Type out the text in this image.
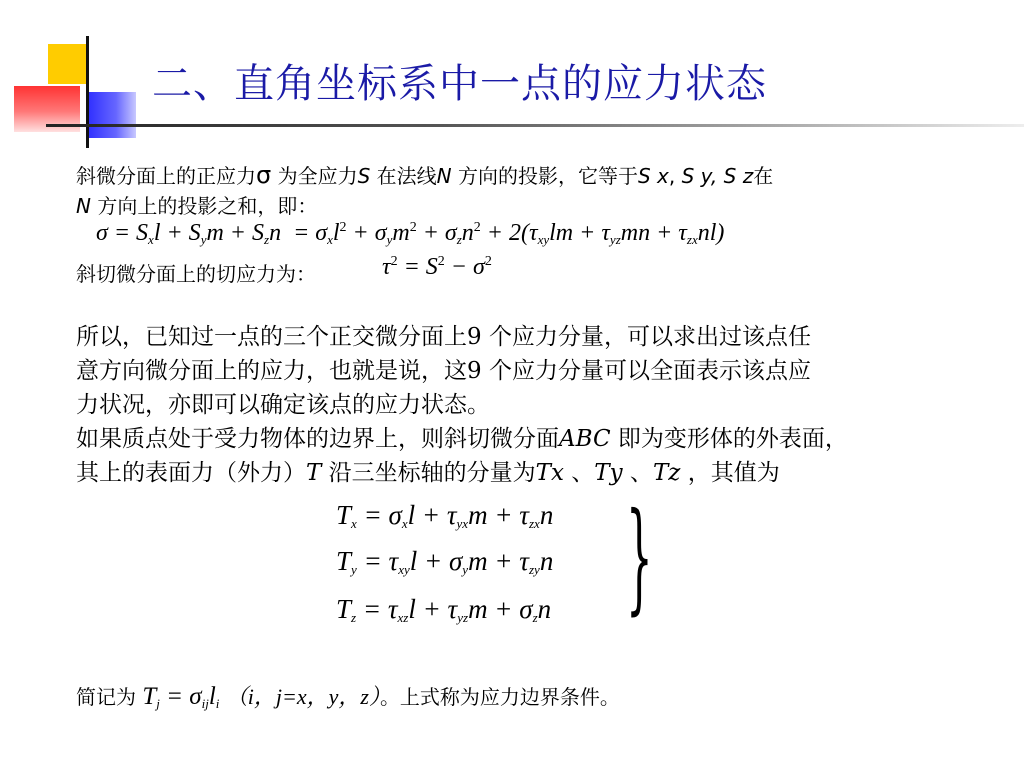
二、直角坐标系中一点的应力状态
斜微分面上的正应力σ 为全应力S 在法线N 方向的投影，它等于S x, S y, S z在
N 方向上的投影之和，即：
$\sigma = S_xl + S_ym + S_zn = \sigma_xl^2 + \sigma_ym^2 + \sigma_zn^2 + 2(\tau_{xy}lm + \tau_{yz}mn + \tau_{zx}nl)$
斜切微分面上的切应力为：	$\tau^2 = S^2 - \sigma^2$
所以，已知过一点的三个正交微分面上9 个应力分量，可以求出过该点任
意方向微分面上的应力，也就是说，这9 个应力分量可以全面表示该点应
力状况，亦即可以确定该点的应力状态。
如果质点处于受力物体的边界上，则斜切微分面ABC 即为变形体的外表面，
其上的表面力（外力）T 沿三坐标轴的分量为Tx 、Ty 、Tz ，其值为
$T_x = \sigma_xl + \tau_{yx}m + \tau_{zx}n$
$T_y = \tau_{xy}l + \sigma_ym + \tau_{zy}n$
$T_z = \tau_{xz}l + \tau_{yz}m + \sigma_zn$ }
简记为 $T_j = \sigma_{ij}l_i$ （i，j=x，y，z）。上式称为应力边界条件。
